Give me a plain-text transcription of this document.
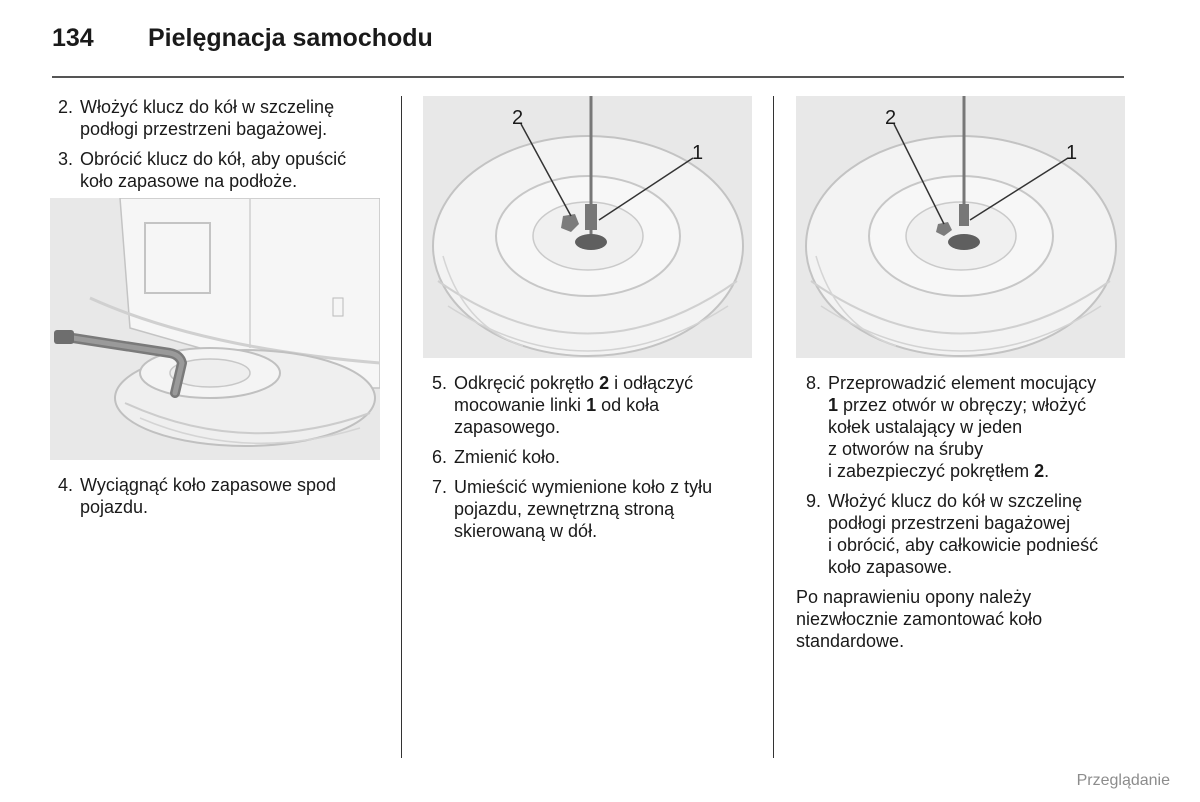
134 Pielęgnacja samochodu
2. Włożyć klucz do kół w szczelinę
podłogi przestrzeni bagażowej.
3. Obrócić klucz do kół, aby opuścić
koło zapasowe na podłoże.
4. Wyciągnąć koło zapasowe spod
pojazdu.
2
1
5. Odkręcić pokrętło 2 i odłączyć
mocowanie linki 1 od koła
zapasowego.
6. Zmienić koło.
7. Umieścić wymienione koło z tyłu
pojazdu, zewnętrzną stroną
skierowaną w dół.
2
1
8. Przeprowadzić element mocujący
1 przez otwór w obręczy; włożyć
kołek ustalający w jeden
z otworów na śruby
i zabezpieczyć pokrętłem 2.
9. Włożyć klucz do kół w szczelinę
podłogi przestrzeni bagażowej
i obrócić, aby całkowicie podnieść
koło zapasowe.

Po naprawieniu opony należy
niezwłocznie zamontować koło
standardowe.

Przeglądanie
